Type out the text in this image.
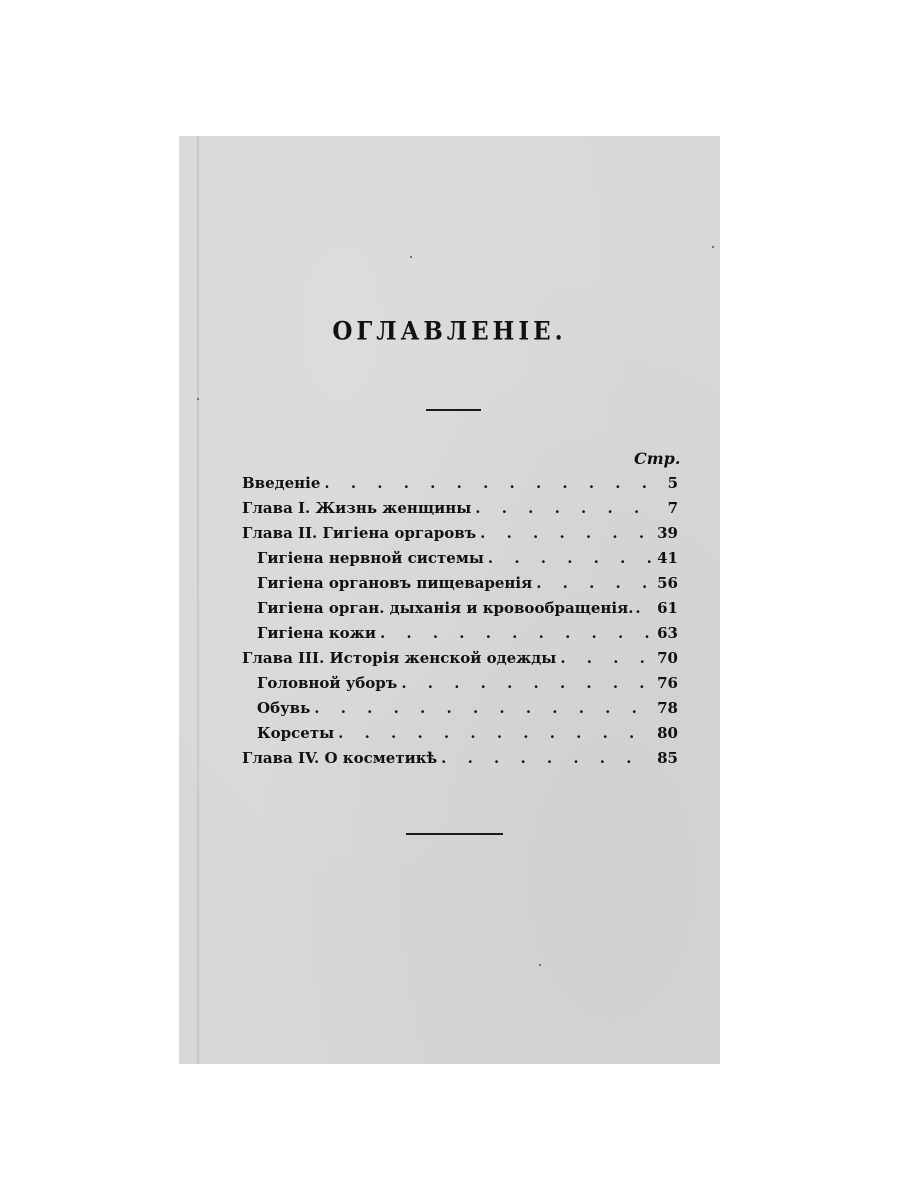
ОГЛАВЛЕНІЕ.
Стр.
Введеніе . . .	5
Глава I. Жизнь женщины . . .	7
Глава II. Гигіена оргаровъ . . .	39
Гигіена нервной системы . . .	41
Гигіена органовъ пищеваренія . . .	56
Гигіена орган. дыханія и кровообращенія. . . . 61
Гигіена кожи . . .	63
Глава III. Исторія женской одежды . . .	70
Головной уборъ . . .	76
Обувь . . .	78
Корсеты . . .	80
Глава IV. О косметикѣ . . .	85
